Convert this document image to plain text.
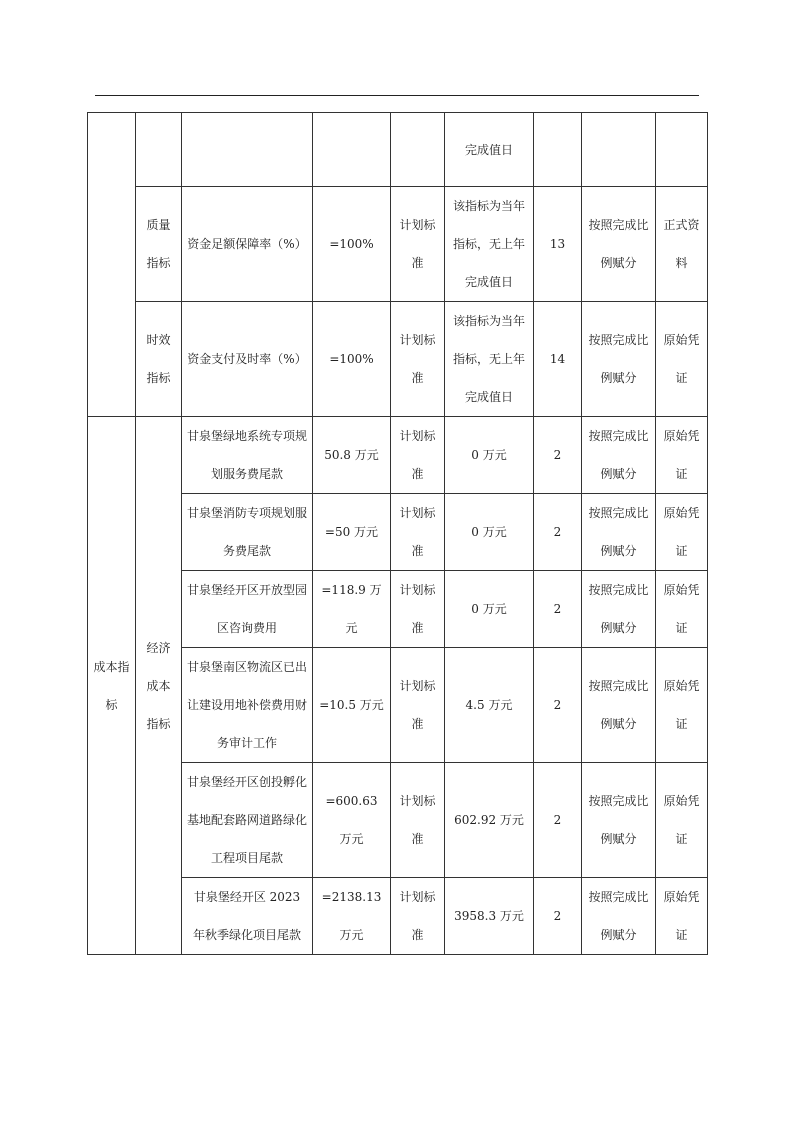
					完成值日			
	质量指标	资金足额保障率（%）	=100%	计划标准	该指标为当年指标，无上年完成值日	13	按照完成比例赋分	正式资料
	时效指标	资金支付及时率（%）	=100%	计划标准	该指标为当年指标，无上年完成值日	14	按照完成比例赋分	原始凭证
成本指标	经济成本指标	甘泉堡绿地系统专项规划服务费尾款	50.8 万元	计划标准	0 万元	2	按照完成比例赋分	原始凭证
		甘泉堡消防专项规划服务费尾款	=50 万元	计划标准	0 万元	2	按照完成比例赋分	原始凭证
		甘泉堡经开区开放型园区咨询费用	=118.9 万元	计划标准	0 万元	2	按照完成比例赋分	原始凭证
		甘泉堡南区物流区已出让建设用地补偿费用财务审计工作	=10.5 万元	计划标准	4.5 万元	2	按照完成比例赋分	原始凭证
		甘泉堡经开区创投孵化基地配套路网道路绿化工程项目尾款	=600.63 万元	计划标准	602.92 万元	2	按照完成比例赋分	原始凭证
		甘泉堡经开区 2023 年秋季绿化项目尾款	=2138.13 万元	计划标准	3958.3 万元	2	按照完成比例赋分	原始凭证
